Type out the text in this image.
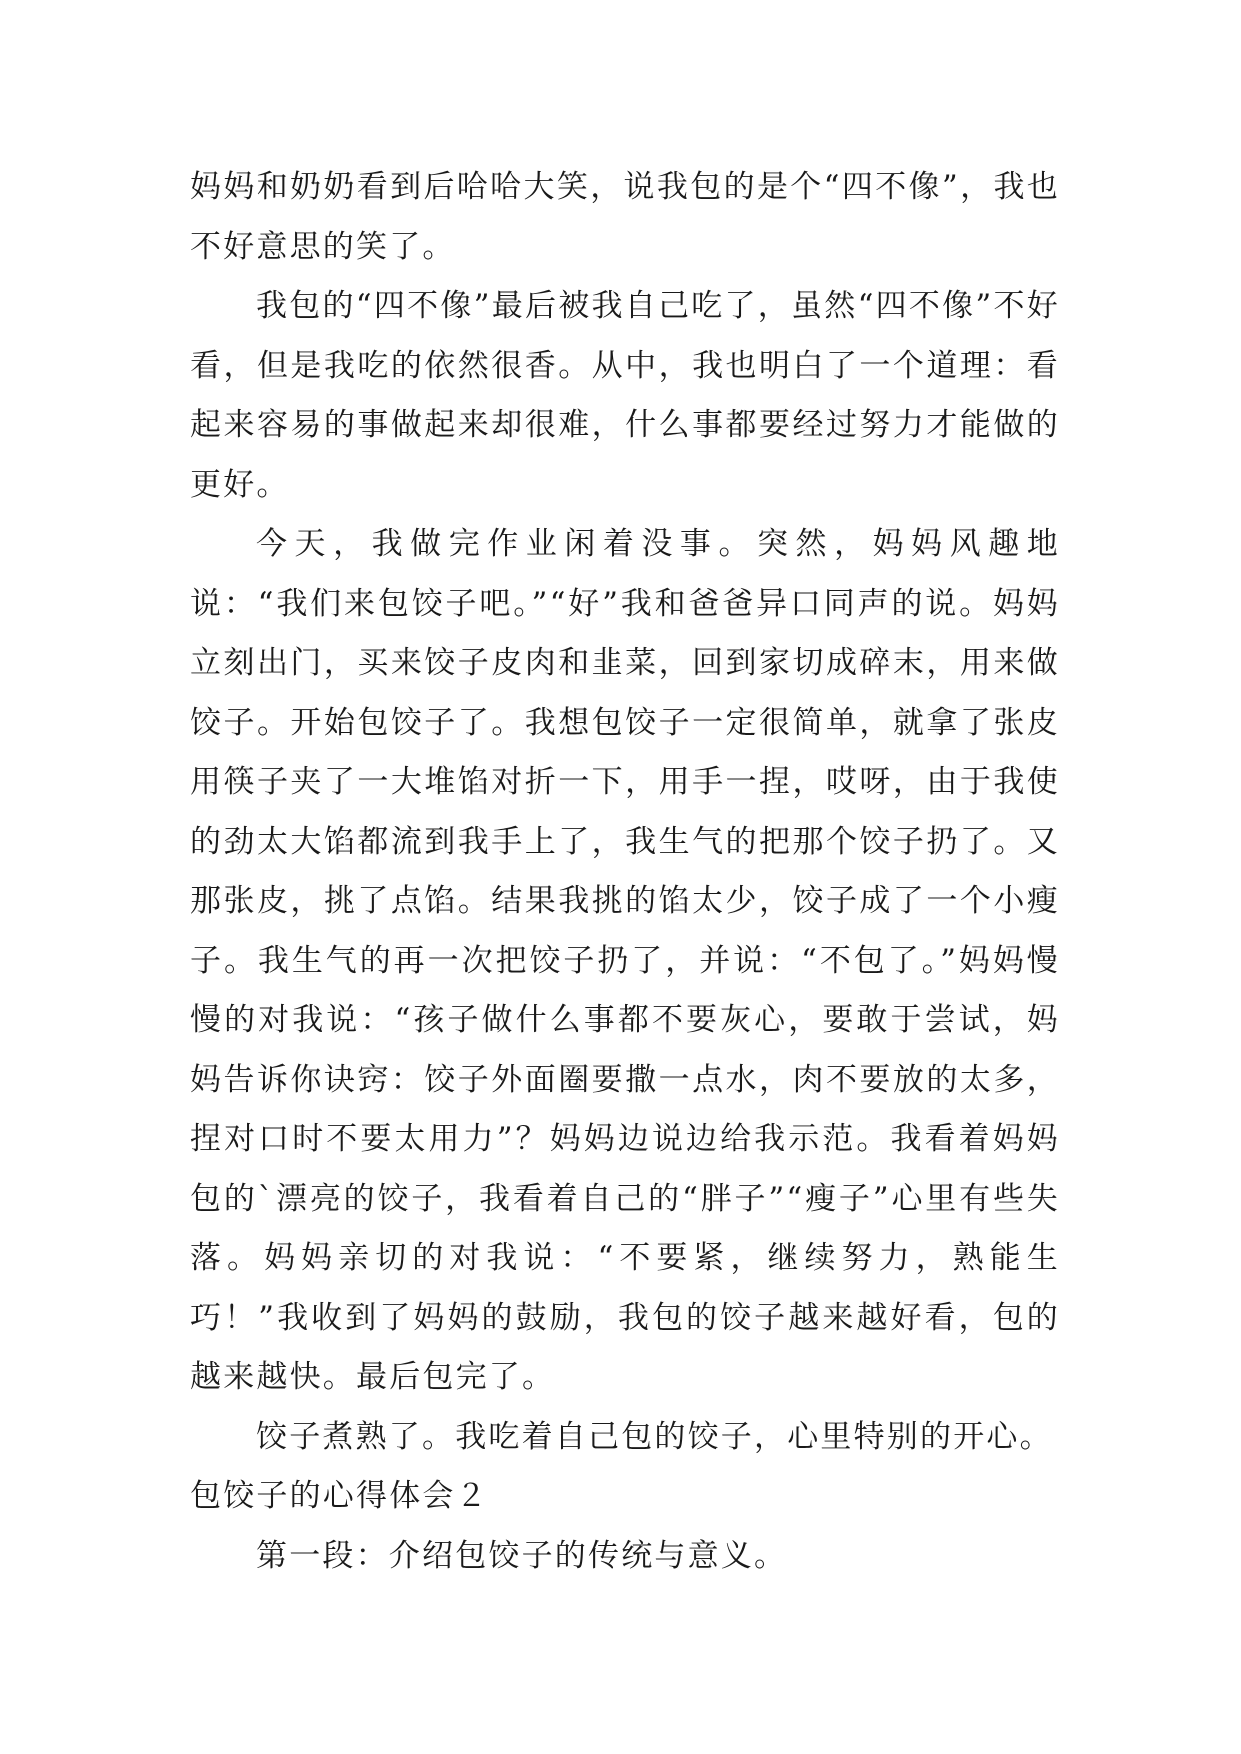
妈妈和奶奶看到后哈哈大笑，说我包的是个“四不像”，我也不好意思的笑了。

我包的“四不像”最后被我自己吃了，虽然“四不像”不好看，但是我吃的依然很香。从中，我也明白了一个道理：看起来容易的事做起来却很难，什么事都要经过努力才能做的更好。

今天，我做完作业闲着没事。突然，妈妈风趣地说：“我们来包饺子吧。”“好”我和爸爸异口同声的说。妈妈立刻出门，买来饺子皮肉和韭菜，回到家切成碎末，用来做饺子。开始包饺子了。我想包饺子一定很简单，就拿了张皮用筷子夹了一大堆馅对折一下，用手一捏，哎呀，由于我使的劲太大馅都流到我手上了，我生气的把那个饺子扔了。又那张皮，挑了点馅。结果我挑的馅太少，饺子成了一个小瘦子。我生气的再一次把饺子扔了，并说：“不包了。”妈妈慢慢的对我说：“孩子做什么事都不要灰心，要敢于尝试，妈妈告诉你诀窍：饺子外面圈要撒一点水，肉不要放的太多，捏对口时不要太用力”？妈妈边说边给我示范。我看着妈妈包的`漂亮的饺子，我看着自己的“胖子”“瘦子”心里有些失落。妈妈亲切的对我说：“不要紧，继续努力，熟能生巧！”我收到了妈妈的鼓励，我包的饺子越来越好看，包的越来越快。最后包完了。

饺子煮熟了。我吃着自己包的饺子，心里特别的开心。

包饺子的心得体会２

第一段：介绍包饺子的传统与意义。
